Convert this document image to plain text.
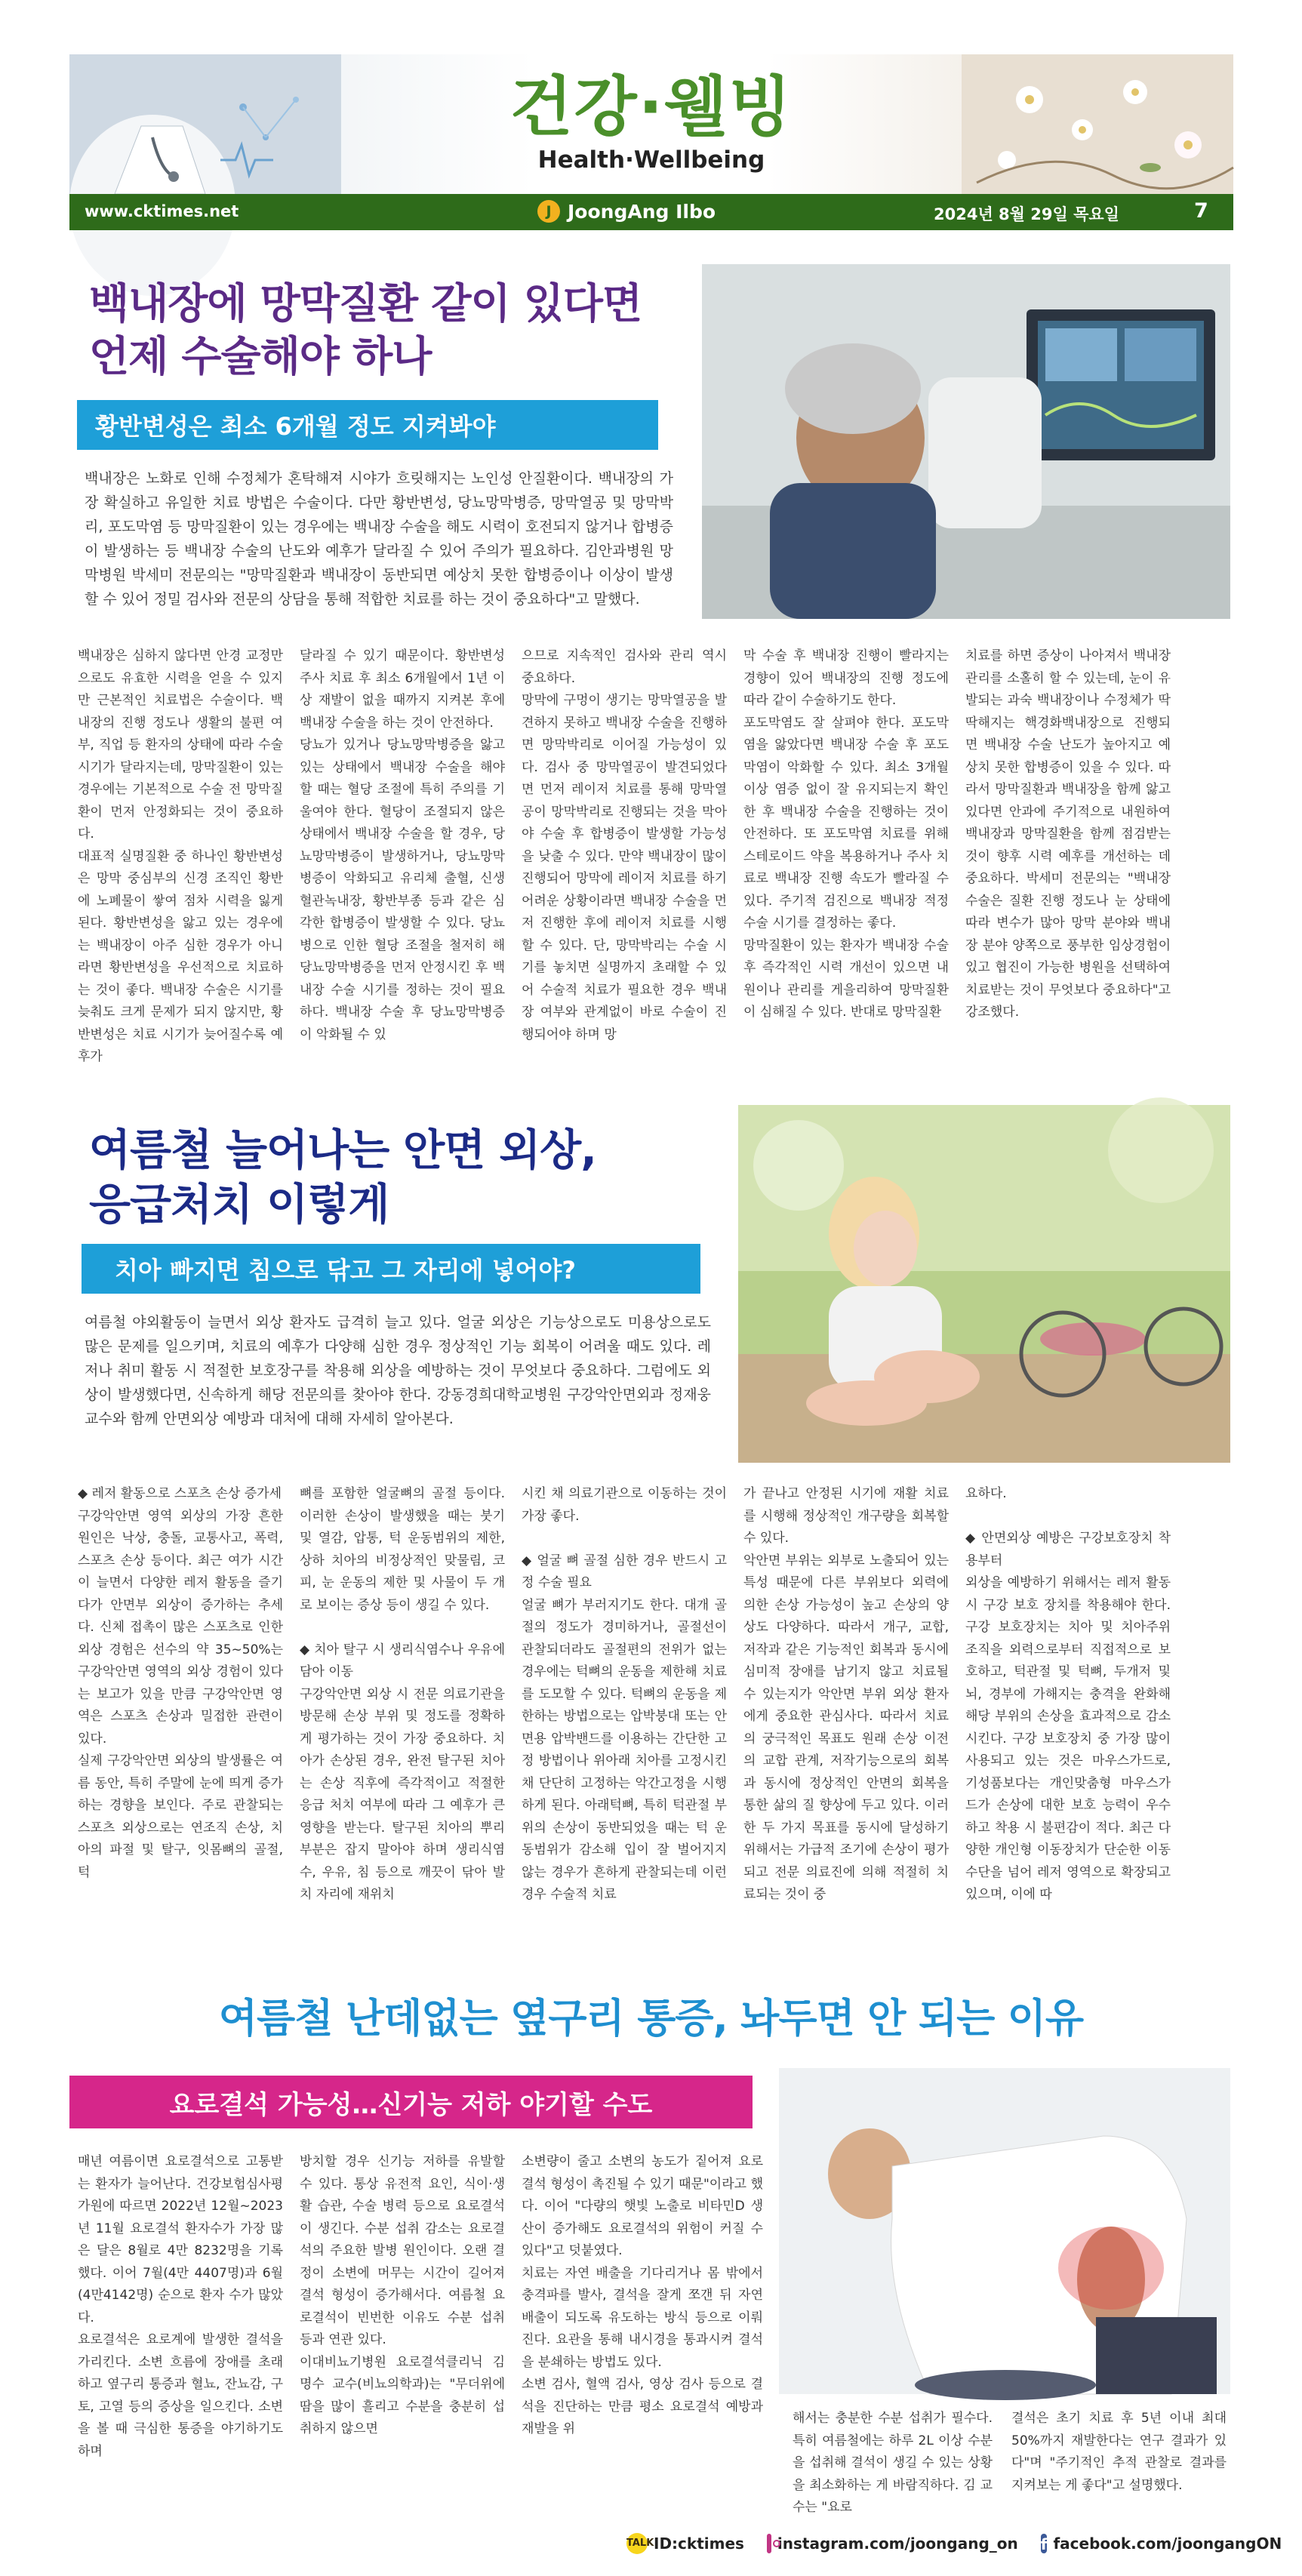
건강·웰빙
Health·Wellbeing
www.cktimes.net	J JoongAng Ilbo	2024년 8월 29일 목요일	7
백내장에 망막질환 같이 있다면
언제 수술해야 하나
황반변성은 최소 6개월 정도 지켜봐야
백내장은 노화로 인해 수정체가 혼탁해져 시야가 흐릿해지는 노인성 안질환이다. 백내장의 가장 확실하고 유일한 치료 방법은 수술이다. 다만 황반변성, 당뇨망막병증, 망막열공 및 망막박리, 포도막염 등 망막질환이 있는 경우에는 백내장 수술을 해도 시력이 호전되지 않거나 합병증이 발생하는 등 백내장 수술의 난도와 예후가 달라질 수 있어 주의가 필요하다. 김안과병원 망막병원 박세미 전문의는 "망막질환과 백내장이 동반되면 예상치 못한 합병증이나 이상이 발생할 수 있어 정밀 검사와 전문의 상담을 통해 적합한 치료를 하는 것이 중요하다"고 말했다.
백내장은 심하지 않다면 안경 교정만으로도 유효한 시력을 얻을 수 있지만 근본적인 치료법은 수술이다. 백내장의 진행 정도나 생활의 불편 여부, 직업 등 환자의 상태에 따라 수술 시기가 달라지는데, 망막질환이 있는 경우에는 기본적으로 수술 전 망막질환이 먼저 안정화되는 것이 중요하다.
대표적 실명질환 중 하나인 황반변성은 망막 중심부의 신경 조직인 황반에 노폐물이 쌓여 점차 시력을 잃게 된다. 황반변성을 앓고 있는 경우에는 백내장이 아주 심한 경우가 아니라면 황반변성을 우선적으로 치료하는 것이 좋다. 백내장 수술은 시기를 늦춰도 크게 문제가 되지 않지만, 황반변성은 치료 시기가 늦어질수록 예후가
달라질 수 있기 때문이다. 황반변성 주사 치료 후 최소 6개월에서 1년 이상 재발이 없을 때까지 지켜본 후에 백내장 수술을 하는 것이 안전하다.
당뇨가 있거나 당뇨망막병증을 앓고 있는 상태에서 백내장 수술을 해야 할 때는 혈당 조절에 특히 주의를 기울여야 한다. 혈당이 조절되지 않은 상태에서 백내장 수술을 할 경우, 당뇨망막병증이 발생하거나, 당뇨망막병증이 악화되고 유리체 출혈, 신생혈관녹내장, 황반부종 등과 같은 심각한 합병증이 발생할 수 있다. 당뇨병으로 인한 혈당 조절을 철저히 해 당뇨망막병증을 먼저 안정시킨 후 백내장 수술 시기를 정하는 것이 필요하다. 백내장 수술 후 당뇨망막병증이 악화될 수 있
으므로 지속적인 검사와 관리 역시 중요하다.
망막에 구멍이 생기는 망막열공을 발견하지 못하고 백내장 수술을 진행하면 망막박리로 이어질 가능성이 있다. 검사 중 망막열공이 발견되었다면 먼저 레이저 치료를 통해 망막열공이 망막박리로 진행되는 것을 막아야 수술 후 합병증이 발생할 가능성을 낮출 수 있다. 만약 백내장이 많이 진행되어 망막에 레이저 치료를 하기 어려운 상황이라면 백내장 수술을 먼저 진행한 후에 레이저 치료를 시행할 수 있다. 단, 망막박리는 수술 시기를 놓치면 실명까지 초래할 수 있어 수술적 치료가 필요한 경우 백내장 여부와 관계없이 바로 수술이 진행되어야 하며 망
막 수술 후 백내장 진행이 빨라지는 경향이 있어 백내장의 진행 정도에 따라 같이 수술하기도 한다.
포도막염도 잘 살펴야 한다. 포도막염을 앓았다면 백내장 수술 후 포도막염이 악화할 수 있다. 최소 3개월 이상 염증 없이 잘 유지되는지 확인한 후 백내장 수술을 진행하는 것이 안전하다. 또 포도막염 치료를 위해 스테로이드 약을 복용하거나 주사 치료로 백내장 진행 속도가 빨라질 수 있다. 주기적 검진으로 백내장 적정 수술 시기를 결정하는 좋다.
망막질환이 있는 환자가 백내장 수술 후 즉각적인 시력 개선이 있으면 내원이나 관리를 게을리하여 망막질환이 심해질 수 있다. 반대로 망막질환
치료를 하면 증상이 나아져서 백내장 관리를 소홀히 할 수 있는데, 눈이 유발되는 과숙 백내장이나 수정체가 딱딱해지는 핵경화백내장으로 진행되면 백내장 수술 난도가 높아지고 예상치 못한 합병증이 있을 수 있다. 따라서 망막질환과 백내장을 함께 앓고 있다면 안과에 주기적으로 내원하여 백내장과 망막질환을 함께 점검받는 것이 향후 시력 예후를 개선하는 데 중요하다. 박세미 전문의는 "백내장 수술은 질환 진행 정도나 눈 상태에 따라 변수가 많아 망막 분야와 백내장 분야 양쪽으로 풍부한 임상경험이 있고 협진이 가능한 병원을 선택하여 치료받는 것이 무엇보다 중요하다"고 강조했다.
여름철 늘어나는 안면 외상,
응급처치 이렇게
치아 빠지면 침으로 닦고 그 자리에 넣어야?
여름철 야외활동이 늘면서 외상 환자도 급격히 늘고 있다. 얼굴 외상은 기능상으로도 미용상으로도 많은 문제를 일으키며, 치료의 예후가 다양해 심한 경우 정상적인 기능 회복이 어려울 때도 있다. 레저나 취미 활동 시 적절한 보호장구를 착용해 외상을 예방하는 것이 무엇보다 중요하다. 그럼에도 외상이 발생했다면, 신속하게 해당 전문의를 찾아야 한다. 강동경희대학교병원 구강악안면외과 정재웅 교수와 함께 안면외상 예방과 대처에 대해 자세히 알아본다.
◆ 레저 활동으로 스포츠 손상 증가세
구강악안면 영역 외상의 가장 흔한 원인은 낙상, 충돌, 교통사고, 폭력, 스포츠 손상 등이다. 최근 여가 시간이 늘면서 다양한 레저 활동을 즐기다가 안면부 외상이 증가하는 추세다. 신체 접촉이 많은 스포츠로 인한 외상 경험은 선수의 약 35~50%는 구강악안면 영역의 외상 경험이 있다는 보고가 있을 만큼 구강악안면 영역은 스포츠 손상과 밀접한 관련이 있다.
실제 구강악안면 외상의 발생률은 여름 동안, 특히 주말에 눈에 띄게 증가하는 경향을 보인다. 주로 관찰되는 스포츠 외상으로는 연조직 손상, 치아의 파절 및 탈구, 잇몸뼈의 골절, 턱
뼈를 포함한 얼굴뼈의 골절 등이다. 이러한 손상이 발생했을 때는 붓기 및 열감, 압통, 턱 운동범위의 제한, 상하 치아의 비정상적인 맞물림, 코피, 눈 운동의 제한 및 사물이 두 개로 보이는 증상 등이 생길 수 있다.

◆ 치아 탈구 시 생리식염수나 우유에 담아 이동
구강악안면 외상 시 전문 의료기관을 방문해 손상 부위 및 정도를 정확하게 평가하는 것이 가장 중요하다. 치아가 손상된 경우, 완전 탈구된 치아는 손상 직후에 즉각적이고 적절한 응급 처치 여부에 따라 그 예후가 큰 영향을 받는다. 탈구된 치아의 뿌리 부분은 잡지 말아야 하며 생리식염수, 우유, 침 등으로 깨끗이 닦아 발치 자리에 재위치
시킨 채 의료기관으로 이동하는 것이 가장 좋다.

◆ 얼굴 뼈 골절 심한 경우 반드시 고정 수술 필요
얼굴 뼈가 부러지기도 한다. 대개 골절의 정도가 경미하거나, 골절선이 관찰되더라도 골절편의 전위가 없는 경우에는 턱뼈의 운동을 제한해 치료를 도모할 수 있다. 턱뼈의 운동을 제한하는 방법으로는 압박붕대 또는 안면용 압박밴드를 이용하는 간단한 고정 방법이나 위아래 치아를 고정시킨 채 단단히 고정하는 악간고정을 시행하게 된다. 아래턱뼈, 특히 턱관절 부위의 손상이 동반되었을 때는 턱 운동범위가 감소해 입이 잘 벌어지지 않는 경우가 흔하게 관찰되는데 이런 경우 수술적 치료
가 끝나고 안정된 시기에 재활 치료를 시행해 정상적인 개구량을 회복할 수 있다.
악안면 부위는 외부로 노출되어 있는 특성 때문에 다른 부위보다 외력에 의한 손상 가능성이 높고 손상의 양상도 다양하다. 따라서 개구, 교합, 저작과 같은 기능적인 회복과 동시에 심미적 장애를 남기지 않고 치료될 수 있는지가 악안면 부위 외상 환자에게 중요한 관심사다. 따라서 치료의 궁극적인 목표도 원래 손상 이전의 교합 관계, 저작기능으로의 회복과 동시에 정상적인 안면의 회복을 통한 삶의 질 향상에 두고 있다. 이러한 두 가지 목표를 동시에 달성하기 위해서는 가급적 조기에 손상이 평가되고 전문 의료진에 의해 적절히 치료되는 것이 중
요하다.

◆ 안면외상 예방은 구강보호장치 착용부터
외상을 예방하기 위해서는 레저 활동 시 구강 보호 장치를 착용해야 한다. 구강 보호장치는 치아 및 치아주위 조직을 외력으로부터 직접적으로 보호하고, 턱관절 및 턱뼈, 두개저 및 뇌, 경부에 가해지는 충격을 완화해 해당 부위의 손상을 효과적으로 감소시킨다. 구강 보호장치 중 가장 많이 사용되고 있는 것은 마우스가드로, 기성품보다는 개인맞춤형 마우스가드가 손상에 대한 보호 능력이 우수하고 착용 시 불편감이 적다. 최근 다양한 개인형 이동장치가 단순한 이동 수단을 넘어 레저 영역으로 확장되고 있으며, 이에 따
여름철 난데없는 옆구리 통증, 놔두면 안 되는 이유
요로결석 가능성…신기능 저하 야기할 수도
매년 여름이면 요로결석으로 고통받는 환자가 늘어난다. 건강보험심사평가원에 따르면 2022년 12월~2023년 11월 요로결석 환자수가 가장 많은 달은 8월로 4만 8232명을 기록했다. 이어 7월(4만 4407명)과 6월(4만4142명) 순으로 환자 수가 많았다.
요로결석은 요로계에 발생한 결석을 가리킨다. 소변 흐름에 장애를 초래하고 옆구리 통증과 혈뇨, 잔뇨감, 구토, 고열 등의 증상을 일으킨다. 소변을 볼 때 극심한 통증을 야기하기도 하며
방치할 경우 신기능 저하를 유발할 수 있다. 통상 유전적 요인, 식이·생활 습관, 수술 병력 등으로 요로결석이 생긴다. 수분 섭취 감소는 요로결석의 주요한 발병 원인이다. 오랜 결정이 소변에 머무는 시간이 길어져 결석 형성이 증가해서다. 여름철 요로결석이 빈번한 이유도 수분 섭취 등과 연관 있다.
이대비뇨기병원 요로결석클리닉 김명수 교수(비뇨의학과)는 "무더위에 땀을 많이 흘리고 수분을 충분히 섭취하지 않으면
소변량이 줄고 소변의 농도가 짙어져 요로결석 형성이 촉진될 수 있기 때문"이라고 했다. 이어 "다량의 햇빛 노출로 비타민D 생산이 증가해도 요로결석의 위험이 커질 수 있다"고 덧붙였다.
치료는 자연 배출을 기다리거나 몸 밖에서 충격파를 발사, 결석을 잘게 쪼갠 뒤 자연 배출이 되도록 유도하는 방식 등으로 이뤄진다. 요관을 통해 내시경을 통과시켜 결석을 분쇄하는 방법도 있다.
소변 검사, 혈액 검사, 영상 검사 등으로 결석을 진단하는 만큼 평소 요로결석 예방과 재발을 위
해서는 충분한 수분 섭취가 필수다. 특히 여름철에는 하루 2L 이상 수분을 섭취해 결석이 생길 수 있는 상황을 최소화하는 게 바람직하다. 김 교수는 "요로
결석은 초기 치료 후 5년 이내 최대 50%까지 재발한다는 연구 결과가 있다"며 "주기적인 추적 관찰로 결과를 지켜보는 게 좋다"고 설명했다.
TALK ID:cktimes instagram.com/joongang_on f facebook.com/joongangON
